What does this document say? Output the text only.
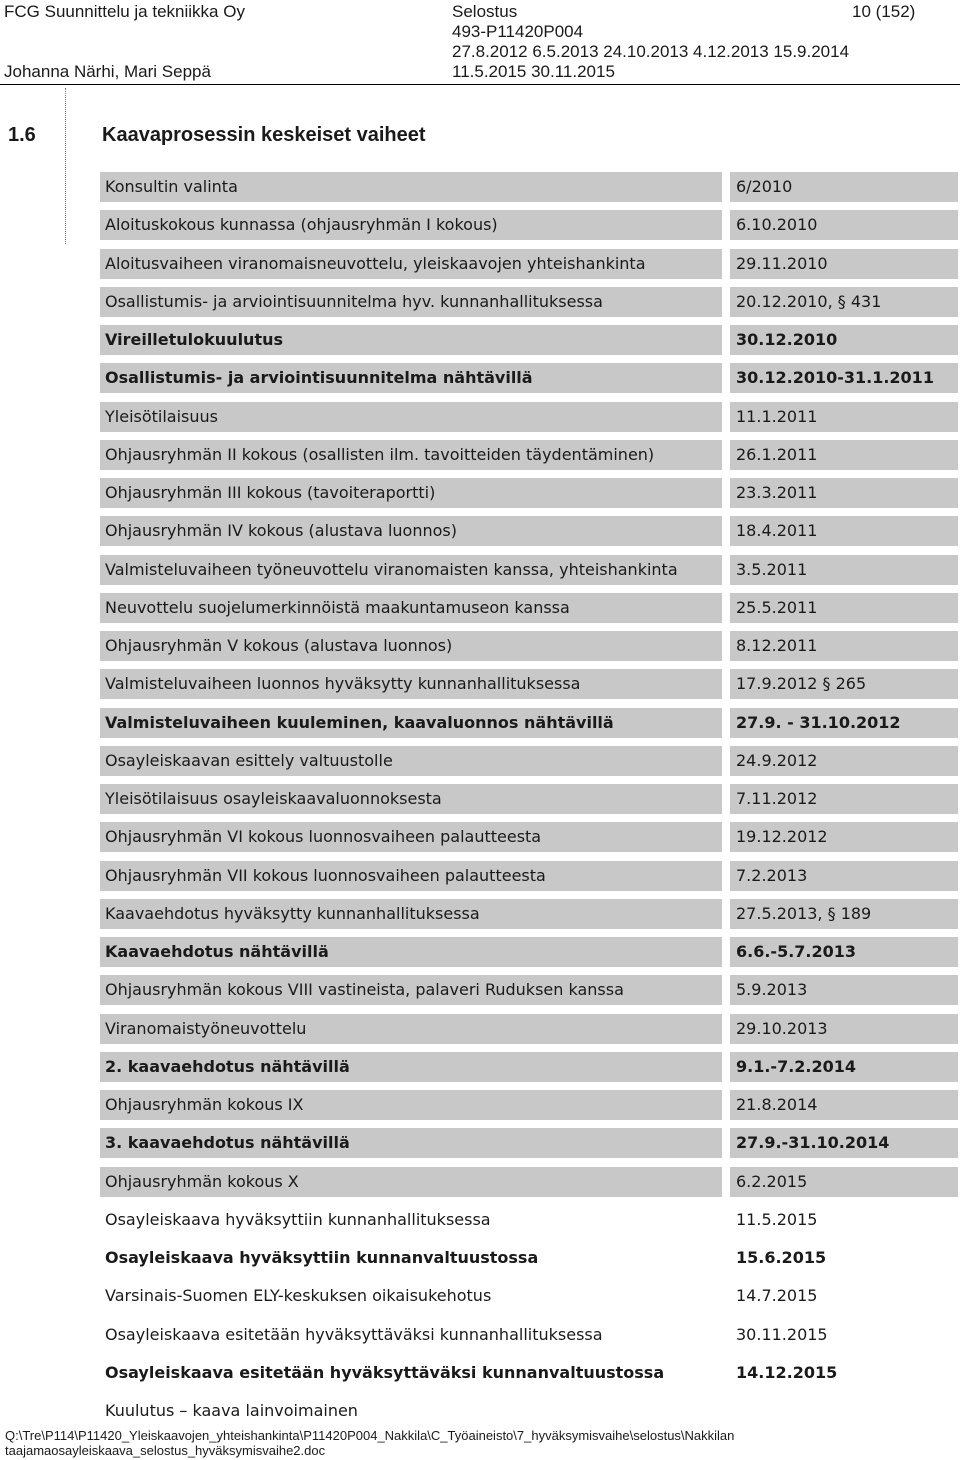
FCG Suunnittelu ja tekniikka Oy
Johanna Närhi, Mari Seppä
Selostus
493-P11420P004
27.8.2012 6.5.2013 24.10.2013 4.12.2013 15.9.2014
11.5.2015 30.11.2015
10 (152)
1.6	Kaavaprosessin keskeiset vaiheet
Konsultin valinta	6/2010
Aloituskokous kunnassa (ohjausryhmän I kokous)	6.10.2010
Aloitusvaiheen viranomaisneuvottelu, yleiskaavojen yhteishankinta	29.11.2010
Osallistumis- ja arviointisuunnitelma hyv. kunnanhallituksessa	20.12.2010, § 431
Vireilletulokuulutus	30.12.2010
Osallistumis- ja arviointisuunnitelma nähtävillä	30.12.2010-31.1.2011
Yleisötilaisuus	11.1.2011
Ohjausryhmän II kokous (osallisten ilm. tavoitteiden täydentäminen)	26.1.2011
Ohjausryhmän III kokous (tavoiteraportti)	23.3.2011
Ohjausryhmän IV kokous (alustava luonnos)	18.4.2011
Valmisteluvaiheen työneuvottelu viranomaisten kanssa, yhteishankinta	3.5.2011
Neuvottelu suojelumerkinnöistä maakuntamuseon kanssa	25.5.2011
Ohjausryhmän V kokous (alustava luonnos)	8.12.2011
Valmisteluvaiheen luonnos hyväksytty kunnanhallituksessa	17.9.2012 § 265
Valmisteluvaiheen kuuleminen, kaavaluonnos nähtävillä	27.9. - 31.10.2012
Osayleiskaavan esittely valtuustolle	24.9.2012
Yleisötilaisuus osayleiskaavaluonnoksesta	7.11.2012
Ohjausryhmän VI kokous luonnosvaiheen palautteesta	19.12.2012
Ohjausryhmän VII kokous luonnosvaiheen palautteesta	7.2.2013
Kaavaehdotus hyväksytty kunnanhallituksessa	27.5.2013, § 189
Kaavaehdotus nähtävillä	6.6.-5.7.2013
Ohjausryhmän kokous VIII vastineista, palaveri Ruduksen kanssa	5.9.2013
Viranomaistyöneuvottelu	29.10.2013
2. kaavaehdotus nähtävillä	9.1.-7.2.2014
Ohjausryhmän kokous IX	21.8.2014
3. kaavaehdotus nähtävillä	27.9.-31.10.2014
Ohjausryhmän kokous X	6.2.2015
Osayleiskaava hyväksyttiin kunnanhallituksessa	11.5.2015
Osayleiskaava hyväksyttiin kunnanvaltuustossa	15.6.2015
Varsinais-Suomen ELY-keskuksen oikaisukehotus	14.7.2015
Osayleiskaava esitetään hyväksyttäväksi kunnanhallituksessa	30.11.2015
Osayleiskaava esitetään hyväksyttäväksi kunnanvaltuustossa	14.12.2015
Kuulutus – kaava lainvoimainen
Q:\Tre\P114\P11420_Yleiskaavojen_yhteishankinta\P11420P004_Nakkila\C_Työaineisto\7_hyväksymisvaihe\selostus\Nakkilan
taajamaosayleiskaava_selostus_hyväksymisvaihe2.doc
